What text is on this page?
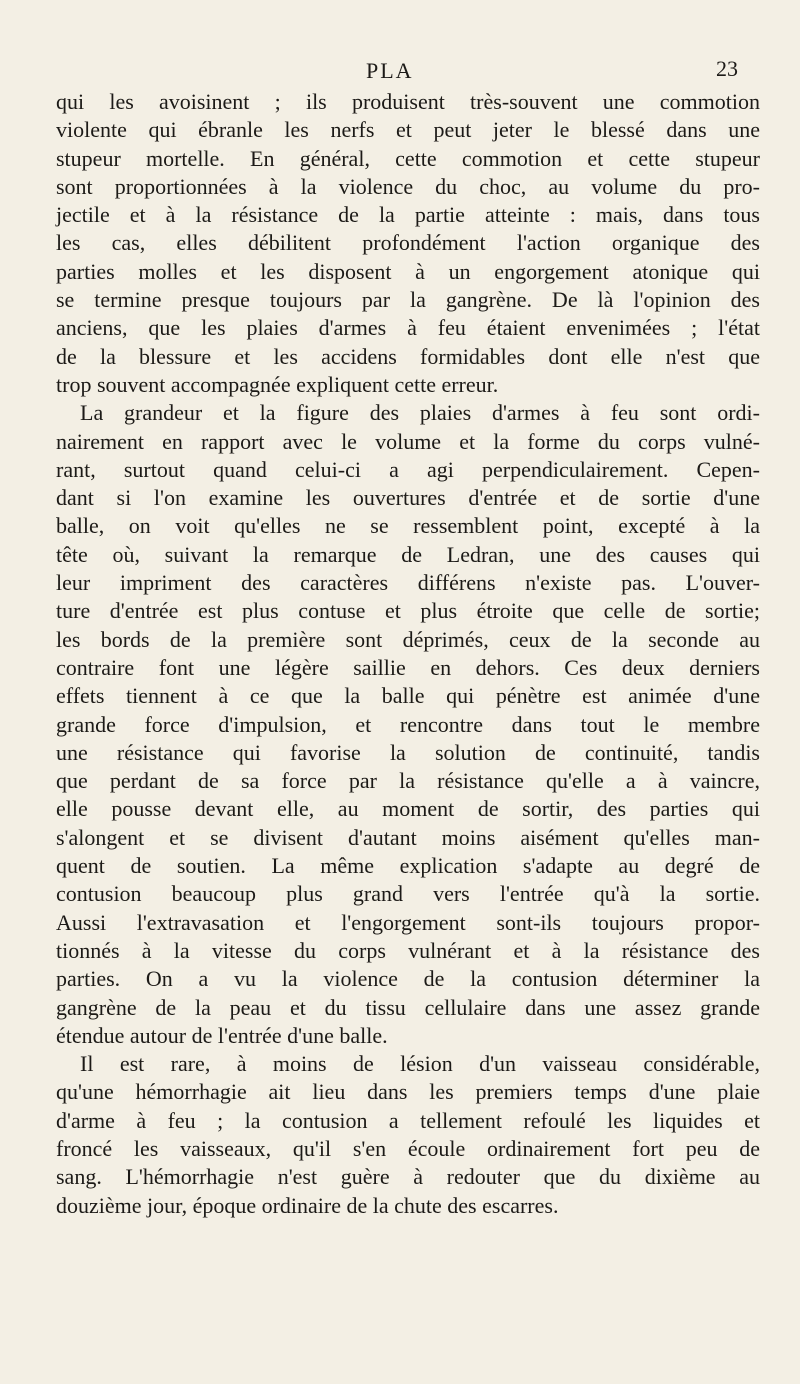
PLA	23

qui les avoisinent ; ils produisent très-souvent une commotion
violente qui ébranle les nerfs et peut jeter le blessé dans une
stupeur mortelle. En général, cette commotion et cette stupeur
sont proportionnées à la violence du choc, au volume du pro-
jectile et à la résistance de la partie atteinte : mais, dans tous
les cas, elles débilitent profondément l'action organique des
parties molles et les disposent à un engorgement atonique qui
se termine presque toujours par la gangrène. De là l'opinion des
anciens, que les plaies d'armes à feu étaient envenimées ; l'état
de la blessure et les accidens formidables dont elle n'est que
trop souvent accompagnée expliquent cette erreur.

La grandeur et la figure des plaies d'armes à feu sont ordi-
nairement en rapport avec le volume et la forme du corps vulné-
rant, surtout quand celui-ci a agi perpendiculairement. Cepen-
dant si l'on examine les ouvertures d'entrée et de sortie d'une
balle, on voit qu'elles ne se ressemblent point, excepté à la
tête où, suivant la remarque de Ledran, une des causes qui
leur impriment des caractères différens n'existe pas. L'ouver-
ture d'entrée est plus contuse et plus étroite que celle de sortie;
les bords de la première sont déprimés, ceux de la seconde au
contraire font une légère saillie en dehors. Ces deux derniers
effets tiennent à ce que la balle qui pénètre est animée d'une
grande force d'impulsion, et rencontre dans tout le membre
une résistance qui favorise la solution de continuité, tandis
que perdant de sa force par la résistance qu'elle a à vaincre,
elle pousse devant elle, au moment de sortir, des parties qui
s'alongent et se divisent d'autant moins aisément qu'elles man-
quent de soutien. La même explication s'adapte au degré de
contusion beaucoup plus grand vers l'entrée qu'à la sortie.
Aussi l'extravasation et l'engorgement sont-ils toujours propor-
tionnés à la vitesse du corps vulnérant et à la résistance des
parties. On a vu la violence de la contusion déterminer la
gangrène de la peau et du tissu cellulaire dans une assez grande
étendue autour de l'entrée d'une balle.

Il est rare, à moins de lésion d'un vaisseau considérable,
qu'une hémorrhagie ait lieu dans les premiers temps d'une plaie
d'arme à feu ; la contusion a tellement refoulé les liquides et
froncé les vaisseaux, qu'il s'en écoule ordinairement fort peu de
sang. L'hémorrhagie n'est guère à redouter que du dixième au
douzième jour, époque ordinaire de la chute des escarres.
